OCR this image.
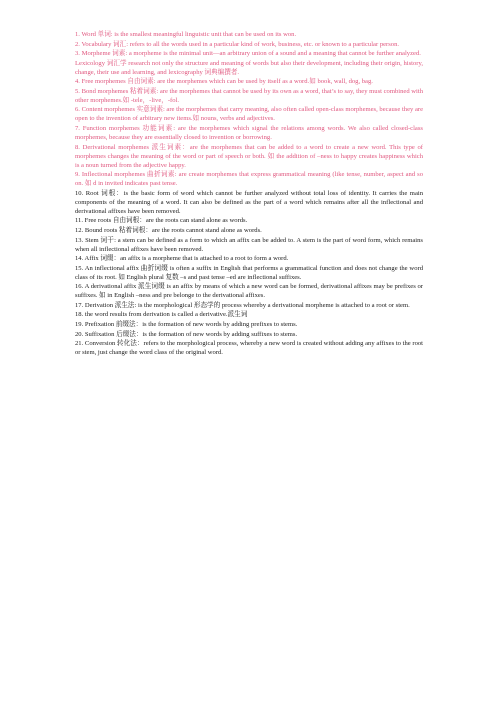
1. Word 单词: is the smallest meaningful linguistic unit that can be used on its won.

2. Vocabulary 词汇: refers to all the words used in a particular kind of work, business, etc. or known to a particular person.

3. Morpheme 词素: a morpheme is the minimal unit—an arbitrary union of a sound and a meaning that cannot be further analyzed.

Lexicology 词汇学 research not only the structure and meaning of words but also their development, including their origin, history, change, their use and learning, and lexicography 词典编撰者.

4. Free morphemes 自由词素: are the morphemes which can be used by itself as a word.如 book, wall, dog, bag.

5. Bond morphemes 粘着词素: are the morphemes that cannot be used by its own as a word, that’s to say, they must combined with other morphemes.如 -tele，-live，-fol.

6. Content morphemes 实意词素: are the morphemes that carry meaning, also often called open-class morphemes, because they are open to the invention of arbitrary new items.如 nouns, verbs and adjectives.

7. Function morphemes 功能词素: are the morphemes which signal the relations among words. We also called closed-class morphemes, because they are essentially closed to invention or borrowing.

8. Derivational morphemes 派生词素：are the morphemes that can be added to a word to create a new word. This type of morphemes changes the meaning of the word or part of speech or both. 如 the addition of –ness to happy creates happiness which is a noun turned from the adjective happy.

9. Inflectional morphemes 曲折词素: are create morphemes that express grammatical meaning (like tense, number, aspect and so on. 如 d in invited indicates past tense.

10. Root 词根：is the basic form of word which cannot be further analyzed without total loss of identity. It carries the main components of the meaning of a word. It can also be defined as the part of a word which remains after all the inflectional and derivational affixes have been removed.

11. Free roots 自由词根：are the roots can stand alone as words.

12. Bound roots 粘着词根：are the roots cannot stand alone as words.

13. Stem 词干: a stem can be defined as a form to which an affix can be added to. A stem is the part of word form, which remains when all inflectional affixes have been removed.

14. Affix 词缀：an affix is a morpheme that is attached to a root to form a word.

15. An inflectional affix 曲折词缀 is often a suffix in English that performs a grammatical function and does not change the word class of its root. 如 English plural 复数 –s and past tense –ed are inflectional suffixes.

16. A derivational affix 派生词缀 is an affix by means of which a new word can be formed, derivational affixes may be prefixes or suffixes. 如 in English –ness and pre belonge to the derivational affixes.

17. Derivation 派生法: is the morphological 形态学的 process whereby a derivational morpheme is attached to a root or stem.

18. the word results from derivation is called a derivative.派生词

19. Prefixation 前缀法：is the formation of new words by adding prefixes to stems.

20. Suffixation 后缀法：is the formation of new words by adding suffixes to stems.

21. Conversion 转化法：refers to the morphological process, whereby a new word is created without adding any affixes to the root or stem, just change the word class of the original word.
